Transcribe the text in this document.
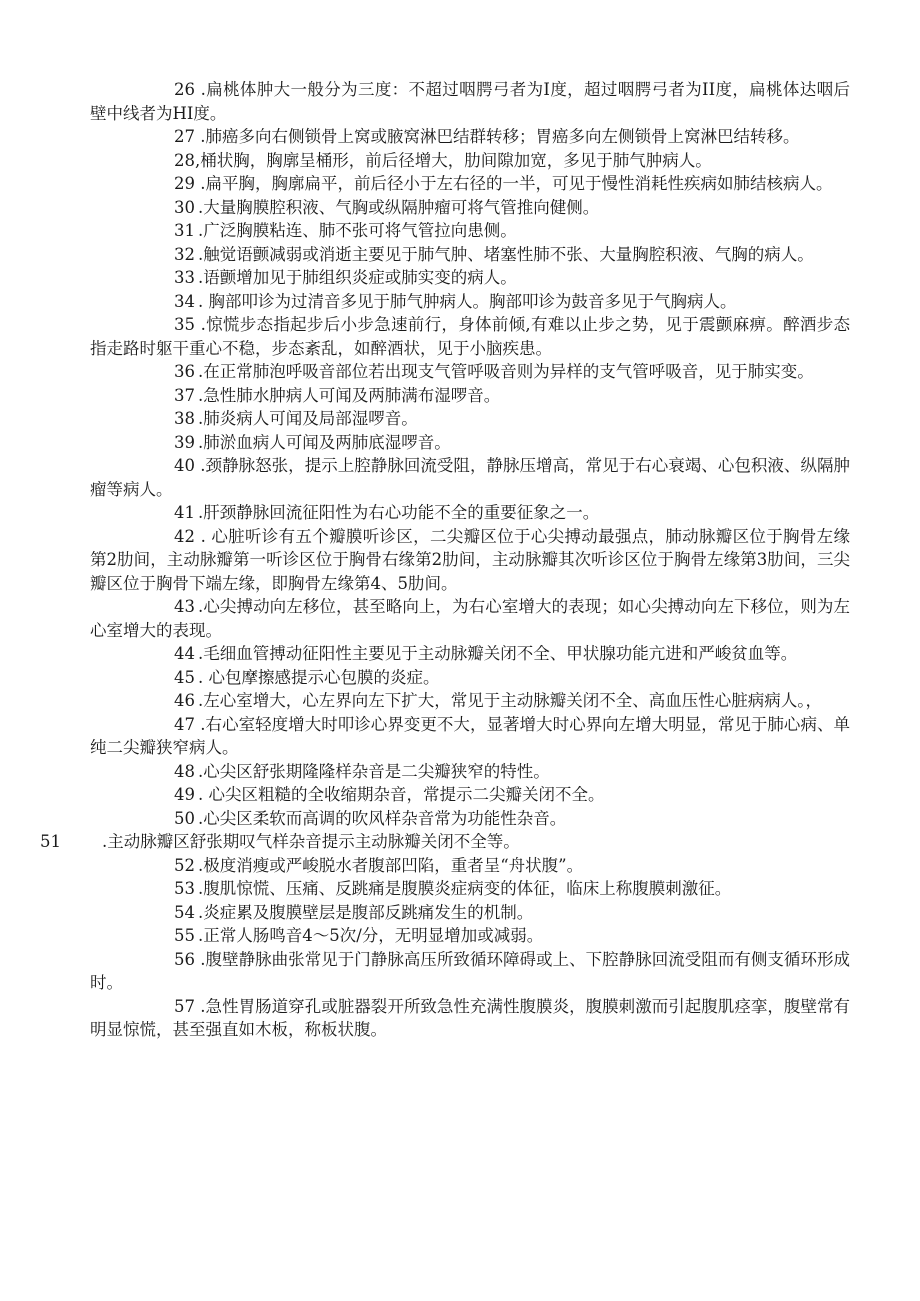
26 .扁桃体肿大一般分为三度：不超过咽腭弓者为I度，超过咽腭弓者为II度，扁桃体达咽后壁中线者为HI度。

27 .肺癌多向右侧锁骨上窝或腋窝淋巴结群转移；胃癌多向左侧锁骨上窝淋巴结转移。

28,桶状胸，胸廓呈桶形，前后径增大，肋间隙加宽，多见于肺气肿病人。

29 .扁平胸，胸廓扁平，前后径小于左右径的一半，可见于慢性消耗性疾病如肺结核病人。

30 .大量胸膜腔积液、气胸或纵隔肿瘤可将气管推向健侧。

31 .广泛胸膜粘连、肺不张可将气管拉向患侧。

32 .触觉语颤减弱或消逝主要见于肺气肿、堵塞性肺不张、大量胸腔积液、气胸的病人。

33 .语颤增加见于肺组织炎症或肺实变的病人。

34 . 胸部叩诊为过清音多见于肺气肿病人。胸部叩诊为鼓音多见于气胸病人。

35 .惊慌步态指起步后小步急速前行，身体前倾,有难以止步之势，见于震颤麻痹。醉酒步态指走路时躯干重心不稳，步态紊乱，如醉酒状，见于小脑疾患。

36 .在正常肺泡呼吸音部位若出现支气管呼吸音则为异样的支气管呼吸音，见于肺实变。

37 .急性肺水肿病人可闻及两肺满布湿啰音。

38 .肺炎病人可闻及局部湿啰音。

39 .肺淤血病人可闻及两肺底湿啰音。

40 .颈静脉怒张，提示上腔静脉回流受阻，静脉压增高，常见于右心衰竭、心包积液、纵隔肿瘤等病人。

41 .肝颈静脉回流征阳性为右心功能不全的重要征象之一。

42 . 心脏听诊有五个瓣膜听诊区，二尖瓣区位于心尖搏动最强点，肺动脉瓣区位于胸骨左缘第2肋间，主动脉瓣第一听诊区位于胸骨右缘第2肋间，主动脉瓣其次听诊区位于胸骨左缘第3肋间，三尖瓣区位于胸骨下端左缘，即胸骨左缘第4、5肋间。

43 .心尖搏动向左移位，甚至略向上，为右心室增大的表现；如心尖搏动向左下移位，则为左心室增大的表现。

44 .毛细血管搏动征阳性主要见于主动脉瓣关闭不全、甲状腺功能亢进和严峻贫血等。

45 . 心包摩擦感提示心包膜的炎症。

46 .左心室增大，心左界向左下扩大，常见于主动脉瓣关闭不全、高血压性心脏病病人。，

47 .右心室轻度增大时叩诊心界变更不大，显著增大时心界向左增大明显，常见于肺心病、单纯二尖瓣狭窄病人。

48 .心尖区舒张期隆隆样杂音是二尖瓣狭窄的特性。

49 . 心尖区粗糙的全收缩期杂音，常提示二尖瓣关闭不全。

50 .心尖区柔软而高调的吹风样杂音常为功能性杂音。

51 .主动脉瓣区舒张期叹气样杂音提示主动脉瓣关闭不全等。

52 .极度消瘦或严峻脱水者腹部凹陷，重者呈“舟状腹”。

53 .腹肌惊慌、压痛、反跳痛是腹膜炎症病变的体征，临床上称腹膜刺激征。

54 .炎症累及腹膜壁层是腹部反跳痛发生的机制。

55 .正常人肠鸣音4～5次/分，无明显增加或减弱。

56 .腹壁静脉曲张常见于门静脉高压所致循环障碍或上、下腔静脉回流受阻而有侧支循环形成时。

57 .急性胃肠道穿孔或脏器裂开所致急性充满性腹膜炎，腹膜刺激而引起腹肌痉挛，腹壁常有明显惊慌，甚至强直如木板，称板状腹。
